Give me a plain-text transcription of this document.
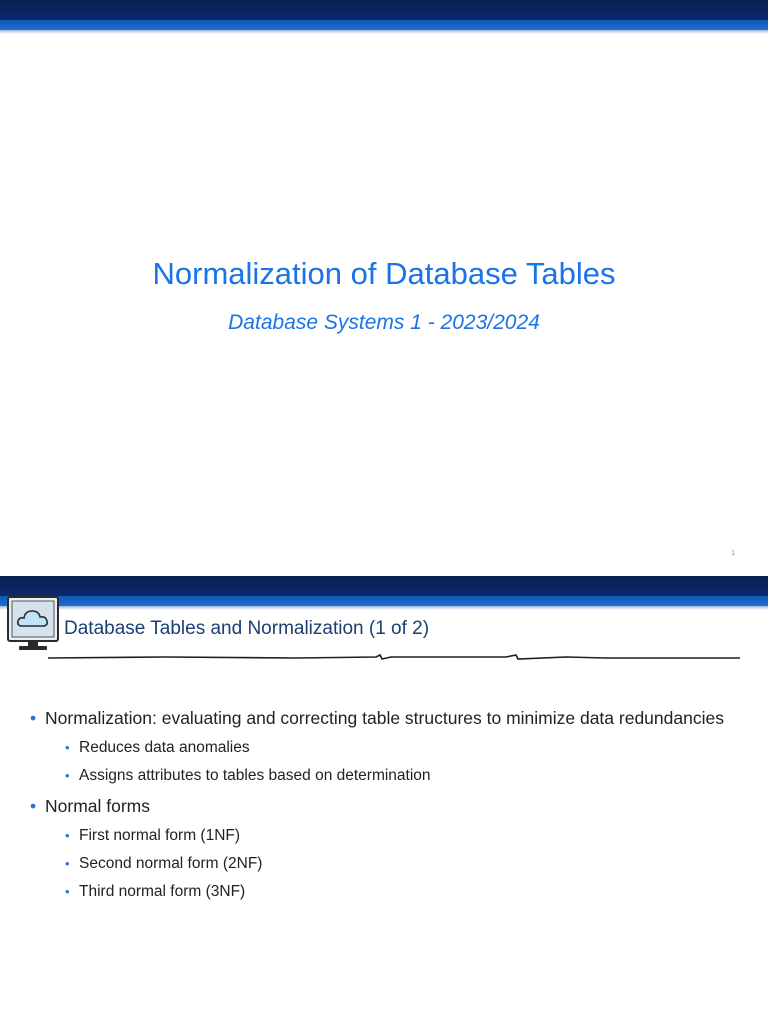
Normalization of Database Tables
Database Systems 1 - 2023/2024
1
Database Tables and Normalization (1 of 2)
• Normalization: evaluating and correcting table structures to minimize data redundancies
• Reduces data anomalies
• Assigns attributes to tables based on determination
• Normal forms
• First normal form (1NF)
• Second normal form (2NF)
• Third normal form (3NF)
